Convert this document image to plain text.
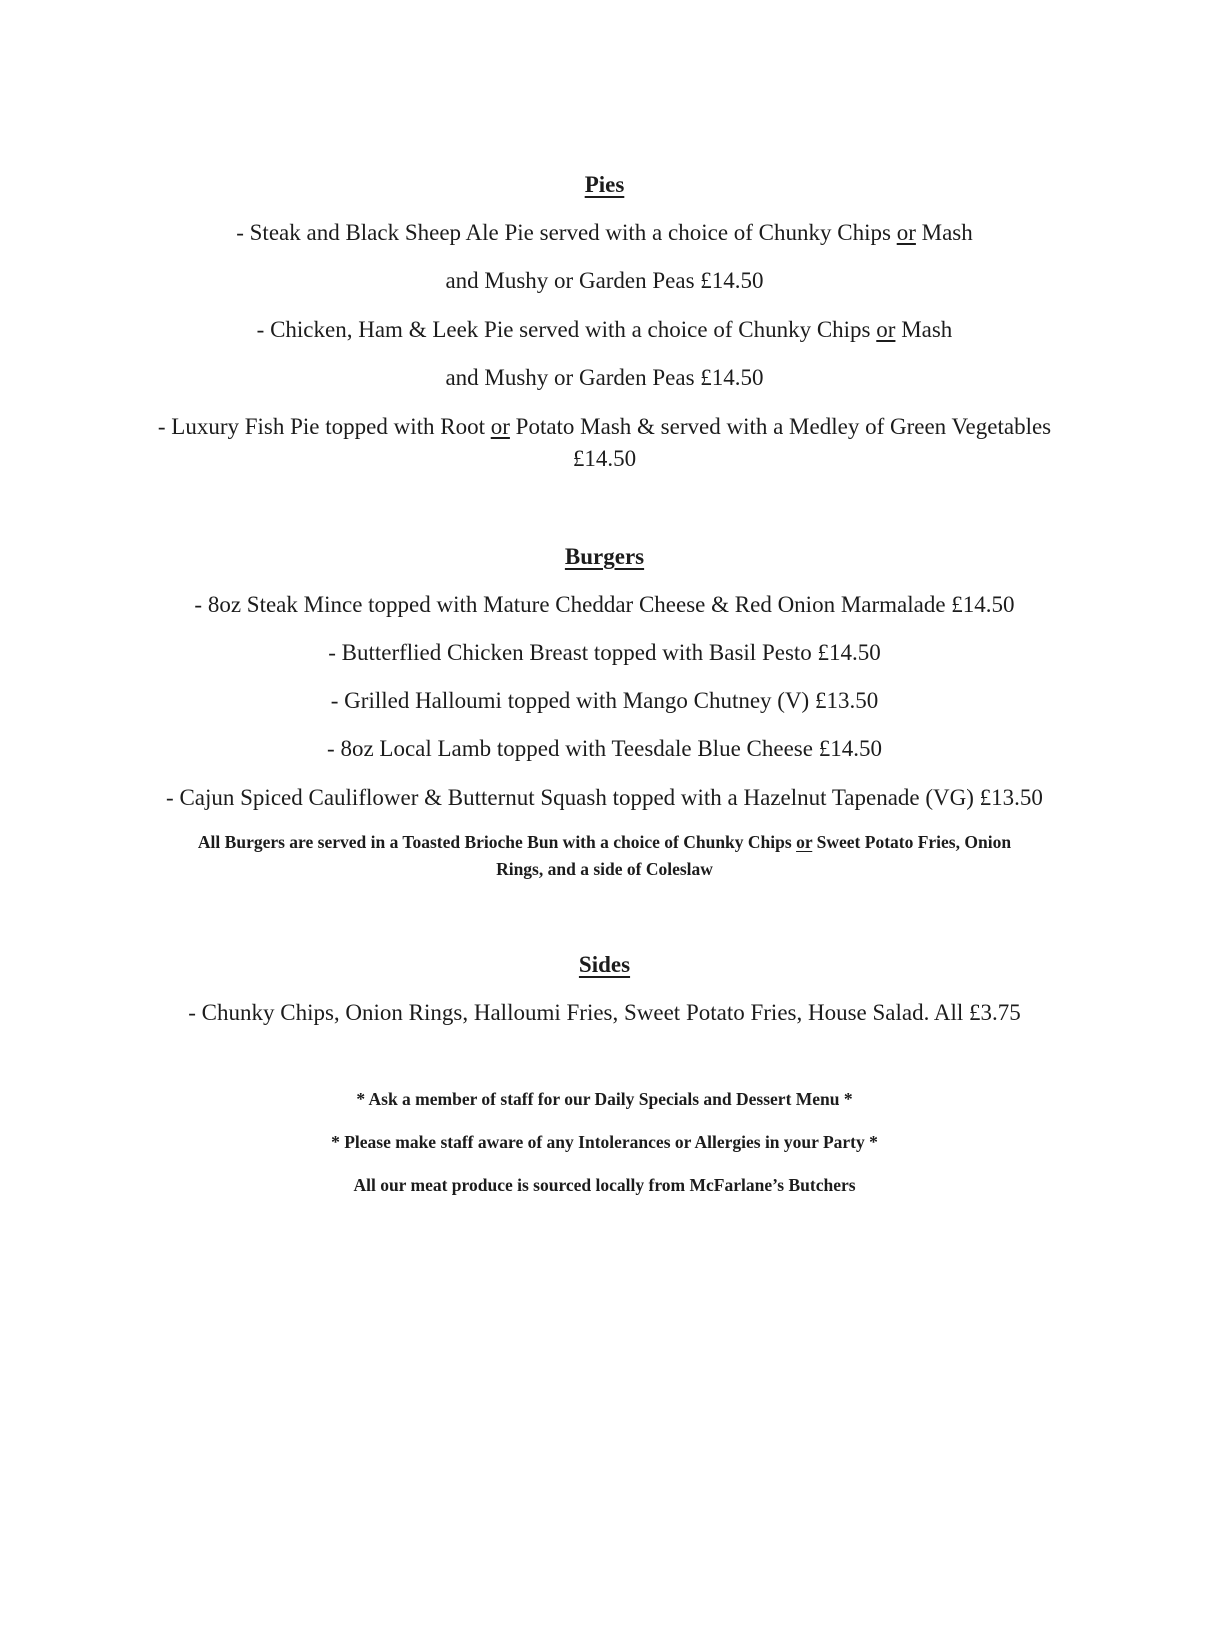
Pies
- Steak and Black Sheep Ale Pie served with a choice of Chunky Chips or Mash
and Mushy or Garden Peas £14.50
- Chicken, Ham & Leek Pie served with a choice of Chunky Chips or Mash
and Mushy or Garden Peas £14.50
- Luxury Fish Pie topped with Root or Potato Mash & served with a Medley of Green Vegetables
£14.50
Burgers
- 8oz Steak Mince topped with Mature Cheddar Cheese & Red Onion Marmalade £14.50
- Butterflied Chicken Breast topped with Basil Pesto £14.50
- Grilled Halloumi topped with Mango Chutney (V) £13.50
- 8oz Local Lamb topped with Teesdale Blue Cheese £14.50
- Cajun Spiced Cauliflower & Butternut Squash topped with a Hazelnut Tapenade (VG) £13.50
All Burgers are served in a Toasted Brioche Bun with a choice of Chunky Chips or Sweet Potato Fries, Onion
Rings, and a side of Coleslaw
Sides
- Chunky Chips, Onion Rings, Halloumi Fries, Sweet Potato Fries, House Salad. All £3.75
* Ask a member of staff for our Daily Specials and Dessert Menu *
* Please make staff aware of any Intolerances or Allergies in your Party *
All our meat produce is sourced locally from McFarlane’s Butchers
